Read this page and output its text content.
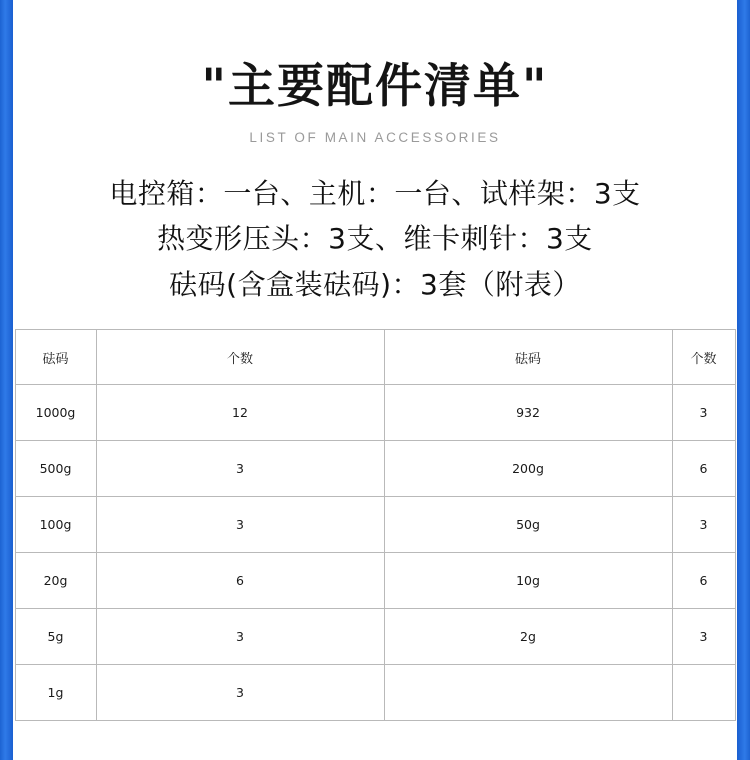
"主要配件清单"
LIST OF MAIN ACCESSORIES
电控箱：一台、主机：一台、试样架：3支
热变形压头：3支、维卡刺针：3支
砝码(含盒装砝码)：3套（附表）
砝码	个数	砝码	个数
1000g	12	932	3
500g	3	200g	6
100g	3	50g	3
20g	6	10g	6
5g	3	2g	3
1g	3		
